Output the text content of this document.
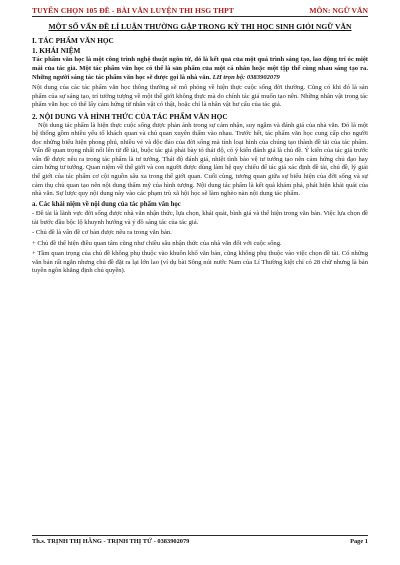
TUYỂN CHỌN 105 ĐỀ - BÀI VĂN LUYỆN THI HSG THPT	MÔN: NGỮ VĂN
MỘT SỐ VẤN ĐỀ LÍ LUẬN THƯỜNG GẶP TRONG KỲ THI HỌC SINH GIỎI NGỮ VĂN
I. TÁC PHẨM VĂN HỌC
1. KHÁI NIỆM

Tác phẩm văn học là một công trình nghệ thuật ngôn từ, đó là kết quả của một quá trình sáng tạo, lao động trí óc miệt mài của tác giả. Một tác phẩm văn học có thể là sản phẩm của một cá nhân hoặc một tập thể cùng nhau sáng tạo ra. Những người sáng tác tác phẩm văn học sẽ được gọi là nhà văn. LH trọn bộ: 0383902079

Nội dung của các tác phẩm văn học thông thường sẽ mô phỏng về hiện thực cuộc sống đời thường. Cũng có khi đó là sản phẩm của sự sáng tạo, trí tưởng tượng về một thế giới không thực mà do chính tác giả muốn tạo nên. Những nhân vật trong tác phẩm văn học có thể lấy cảm hứng từ nhân vật có thật, hoặc chỉ là nhân vật hư cấu của tác giả.

2. NỘI DUNG VÀ HÌNH THỨC CỦA TÁC PHẨM VĂN HỌC

Nội dung tác phẩm là hiện thực cuộc sống được phản ánh trong sự cảm nhận, suy ngẫm và đánh giá của nhà văn. Đó là một hệ thống gồm nhiều yếu tố khách quan và chủ quan xuyên thấm vào nhau. Trước hết, tác phẩm văn học cung cấp cho người đọc những biểu hiện phong phú, nhiều vẻ và độc đáo của đời sống mà tính loại hình của chúng tạo thành đề tài của tác phẩm. Vấn đề quan trọng nhất nổi lên từ đề tài, buộc tác giả phải bày tỏ thái độ, có ý kiến đánh giá là chủ đề. Ý kiến của tác giả trước vấn đề được nêu ra trong tác phẩm là tư tưởng. Thái độ đánh giá, nhiệt tình bảo vệ tư tưởng tạo nên cảm hứng chủ đạo hay cảm hứng tư tưởng. Quan niệm về thế giới và con người được dùng làm hệ quy chiếu để tác giả xác định đề tài, chủ đề, lý giải thế giới của tác phẩm cơ cội nguồn sâu xa trong thế giới quan. Cuối cùng, tương quan giữa sự biểu hiện của đời sống và sự cảm thụ chủ quan tạo nên nội dung thẩm mỹ của hình tượng. Nội dung tác phẩm là kết quả khám phá, phát hiện khái quát của nhà văn. Sự lược quy nội dung này vào các phạm trù xã hội học sẽ làm nghèo nàn nội dung tác phẩm.

a. Các khái niệm về nội dung của tác phẩm văn học

- Đề tài là lãnh vực đời sống được nhà văn nhận thức, lựa chọn, khái quát, bình giá và thể hiện trong văn bản. Việc lựa chọn đề tài bước đầu bộc lộ khuynh hướng và ý đồ sáng tác của tác giả.

- Chủ đề là vấn đề cơ bản được nêu ra trong văn bản.

+ Chủ đề thể hiện điều quan tâm cũng như chiều sâu nhận thức của nhà văn đối với cuộc sống.

+ Tầm quan trọng của chủ đề không phụ thuộc vào khuôn khổ văn bản, cũng không phụ thuộc vào việc chọn đề tài. Có những văn bản rất ngắn nhưng chủ đề đặt ra lại lớn lao (ví dụ bài Sông núi nước Nam của Lí Thường kiệt chỉ có 28 chữ nhưng là bản tuyên ngôn khẳng định chủ quyền).

Th.s. TRỊNH THỊ HẰNG - TRỊNH THỊ TỨ - 0383902079	Page 1
